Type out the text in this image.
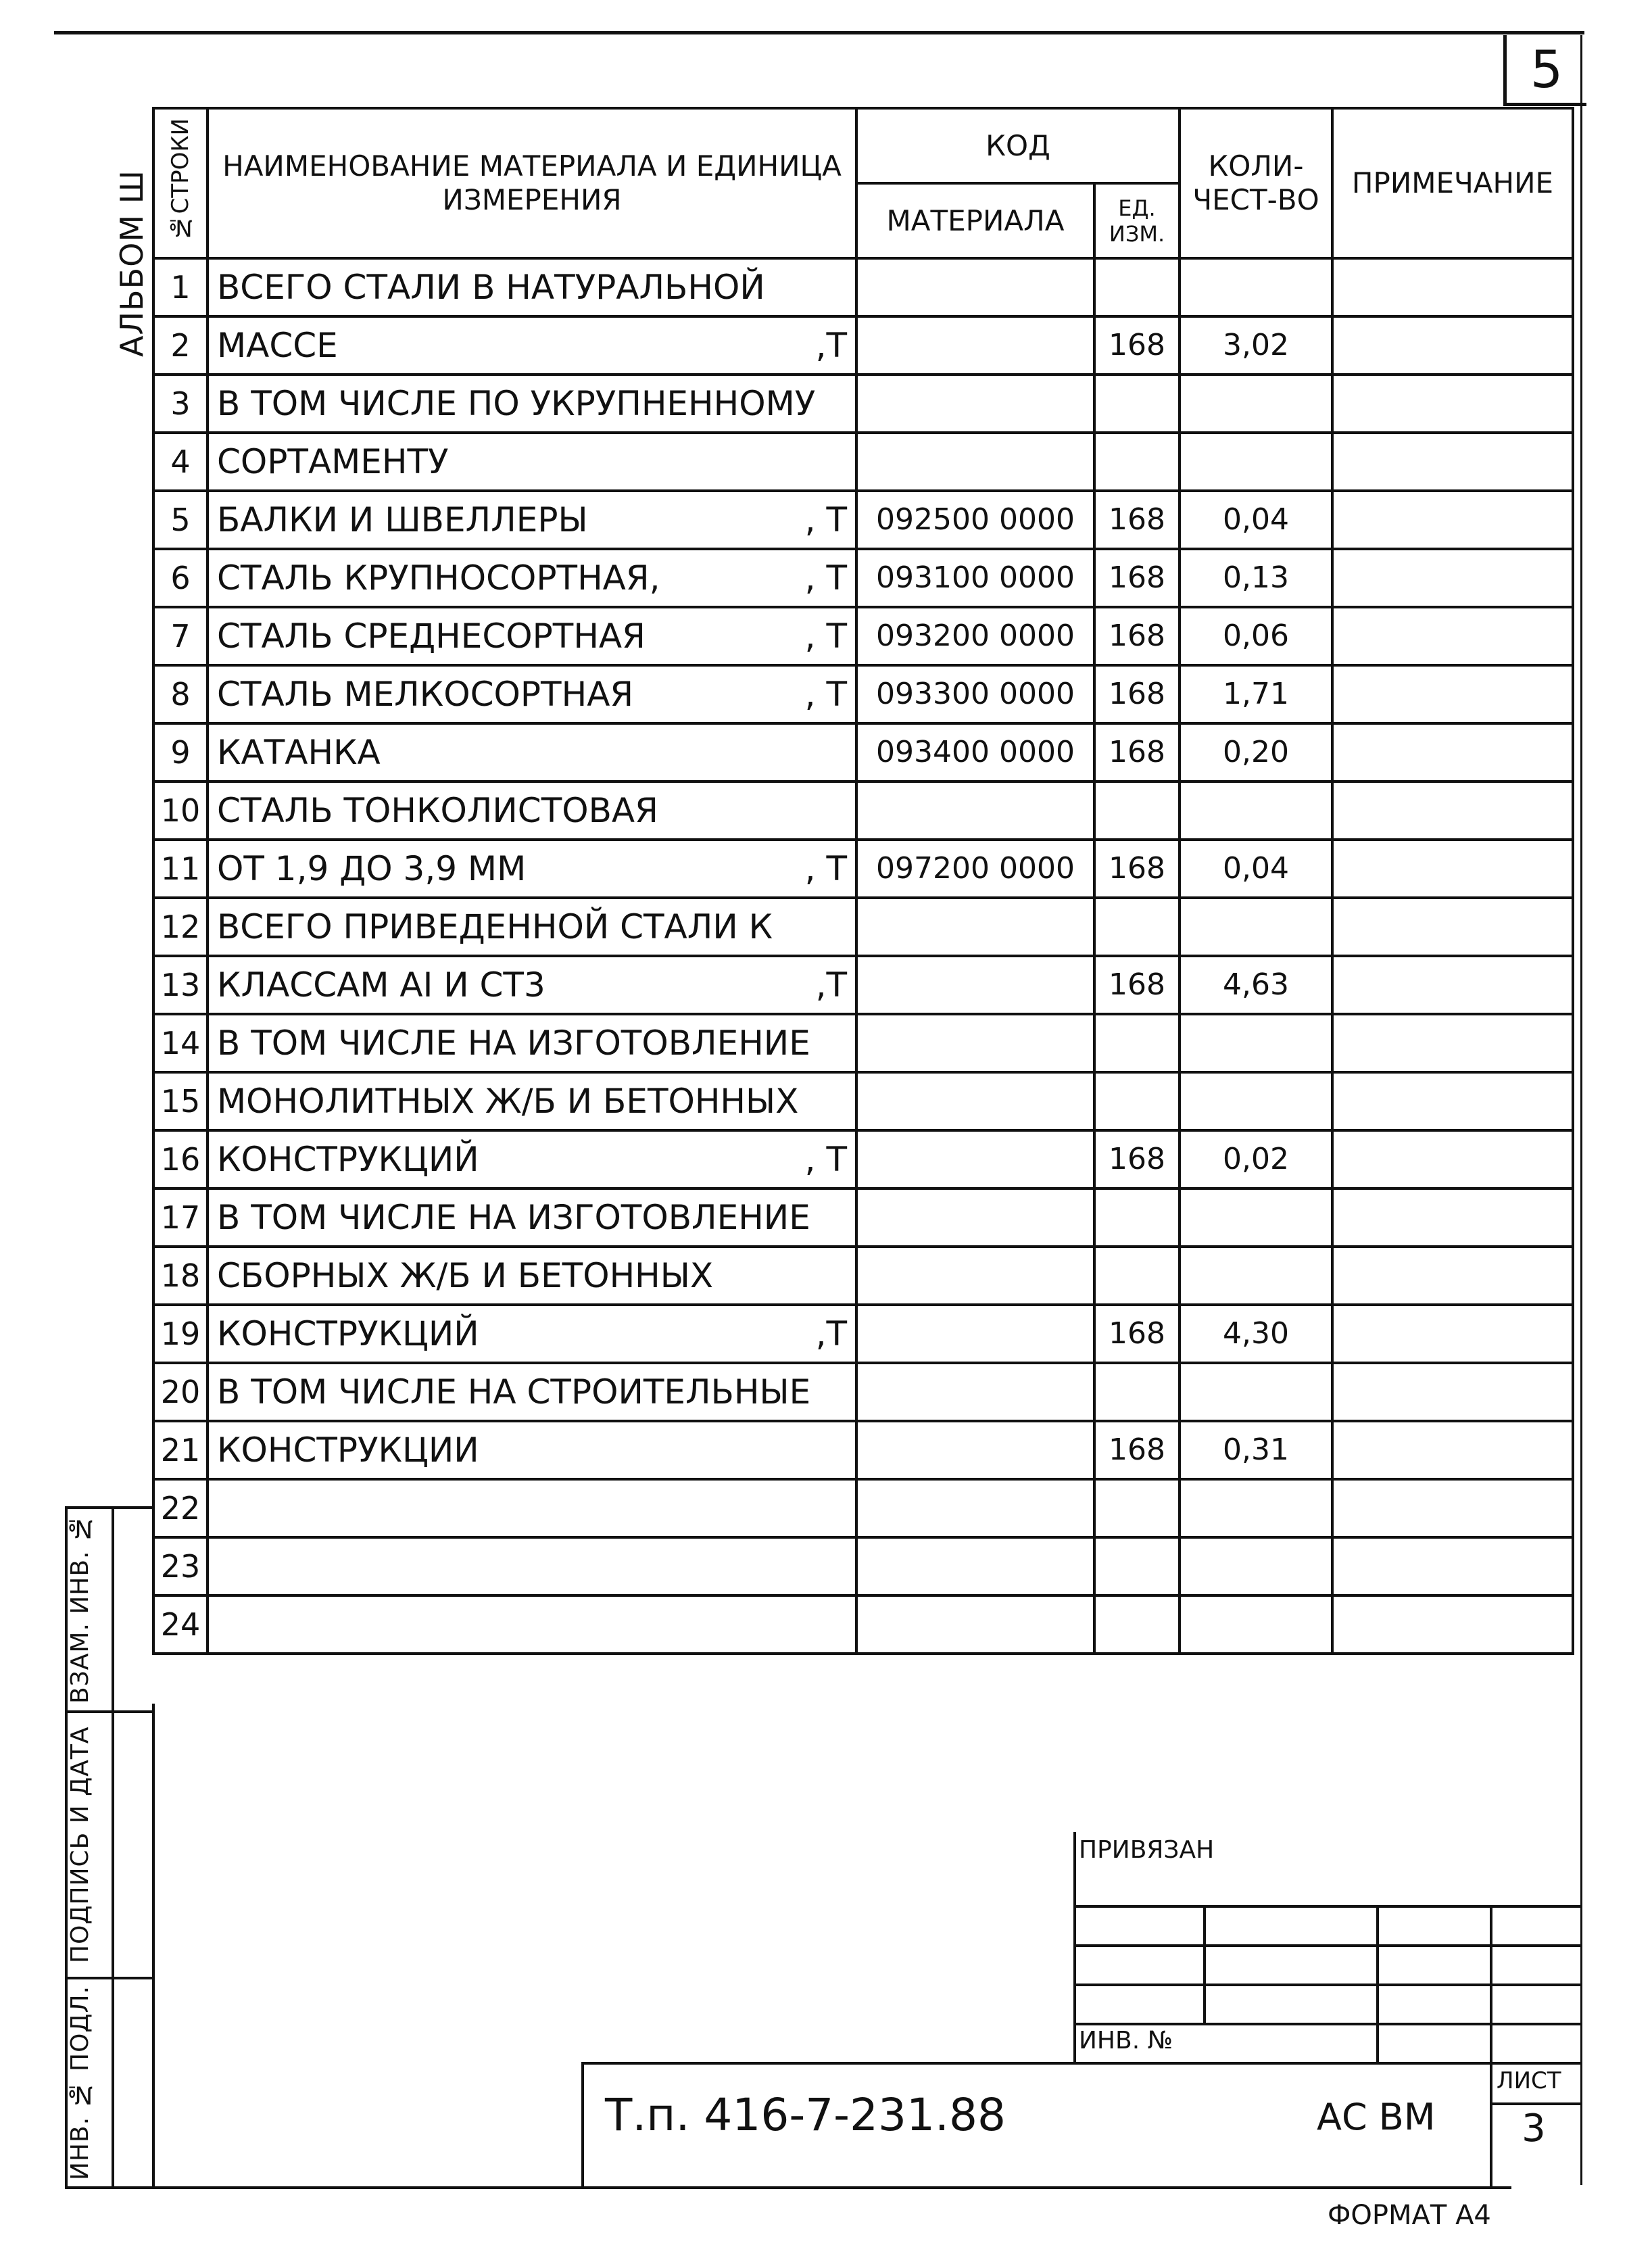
5
АЛЬБОМ Ш №СТРОКИ	НАИМЕНОВАНИЕ МАТЕРИАЛА И ЕДИНИЦА ИЗМЕРЕНИЯ	КОД		КОЛИ-ЧЕСТ-ВО	ПРИМЕЧАНИЕ
		МАТЕРИАЛА	ЕД. ИЗМ.		
1	ВСЕГО СТАЛИ В НАТУРАЛЬНОЙ				

2	МАССЕ ,Т		168	3,02	
3	В ТОМ ЧИСЛЕ ПО УКРУПНЕННОМУ				

4	СОРТАМЕНТУ				

5	БАЛКИ И ШВЕЛЛЕРЫ , Т	092500 0000	168	0,04	
6	СТАЛЬ КРУПНОСОРТНАЯ, , Т	093100 0000	168	0,13	
7	СТАЛЬ СРЕДНЕСОРТНАЯ , Т	093200 0000	168	0,06	
8	СТАЛЬ МЕЛКОСОРТНАЯ , Т	093300 0000	168	1,71	
9	КАТАНКА	093400 0000	168	0,20	
10	СТАЛЬ ТОНКОЛИСТОВАЯ				

11	ОТ 1,9 ДО 3,9 ММ , Т	097200 0000	168	0,04	
12	ВСЕГО ПРИВЕДЕННОЙ СТАЛИ К				

13	КЛАССАМ АI И СТ3 ,Т		168	4,63	
14	В ТОМ ЧИСЛЕ НА ИЗГОТОВЛЕНИЕ				

15	МОНОЛИТНЫХ Ж/Б И БЕТОННЫХ				

16	КОНСТРУКЦИЙ , Т		168	0,02	
17	В ТОМ ЧИСЛЕ НА ИЗГОТОВЛЕНИЕ				

18	СБОРНЫХ Ж/Б И БЕТОННЫХ				

19	КОНСТРУКЦИЙ ,Т		168	4,30	
20	В ТОМ ЧИСЛЕ НА СТРОИТЕЛЬНЫЕ				

21	КОНСТРУКЦИИ		168	0,31	
22	

23	

24	

ВЗАМ. ИНВ. №
ПОДПИСЬ И ДАТА
ИНВ. № ПОДЛ.
ПРИВЯЗАН
ИНВ. №
Т.п. 416-7-231.88	АС ВМ
ЛИСТ
3
ФОРМАТ А4
